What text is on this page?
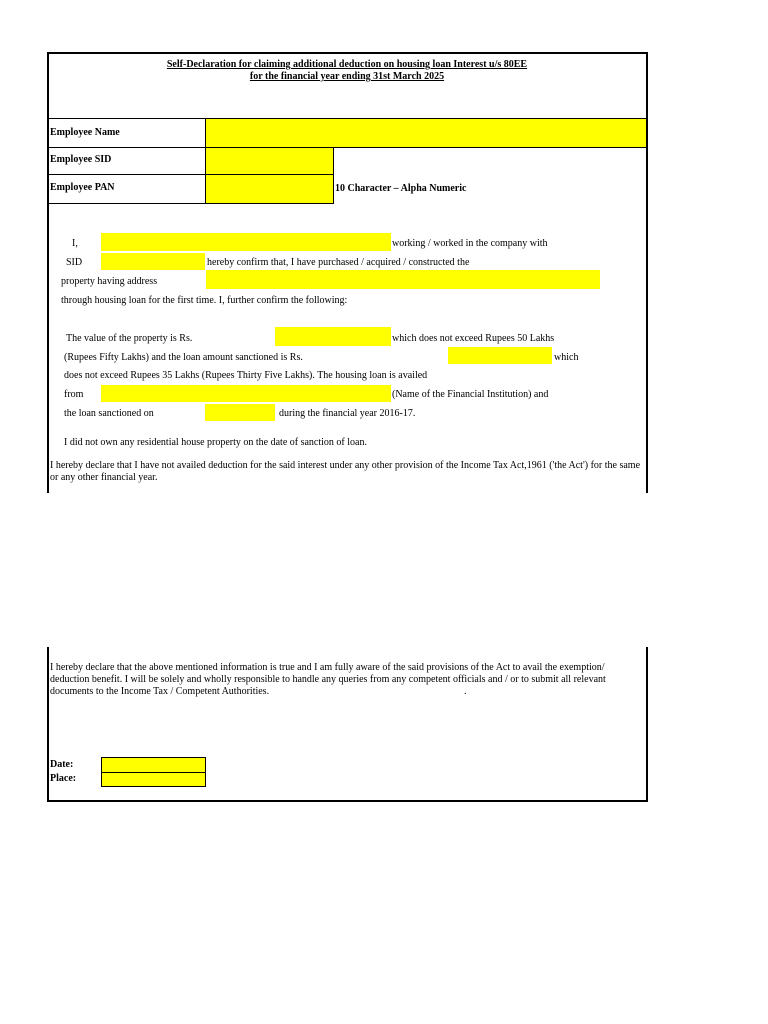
Self-Declaration for claiming additional deduction on housing loan Interest u/s 80EE
for the financial year ending 31st March 2025
Employee Name
Employee SID
Employee PAN	10 Character – Alpha Numeric
I,	working / worked in the company with
SID	hereby confirm that, I have purchased / acquired / constructed the
property having address
through housing loan for the first time. I, further confirm the following:
The value of the property is Rs.	which does not exceed Rupees 50 Lakhs
(Rupees Fifty Lakhs) and the loan amount sanctioned is Rs.	which
does not exceed Rupees 35 Lakhs (Rupees Thirty Five Lakhs). The housing loan is availed
from	(Name of the Financial Institution) and
the loan sanctioned on	during the financial year 2016-17.
I did not own any residential house property on the date of sanction of loan.
I hereby declare that I have not availed deduction for the said interest under any other provision of the Income Tax Act,1961 ('the Act') for the same or any other financial year.
I hereby declare that the above mentioned information is true and I am fully aware of the said provisions of the Act to avail the exemption/ deduction benefit. I will be solely and wholly responsible to handle any queries from any competent officials and / or to submit all relevant documents to the Income Tax / Competent Authorities.	.
Date:
Place:
